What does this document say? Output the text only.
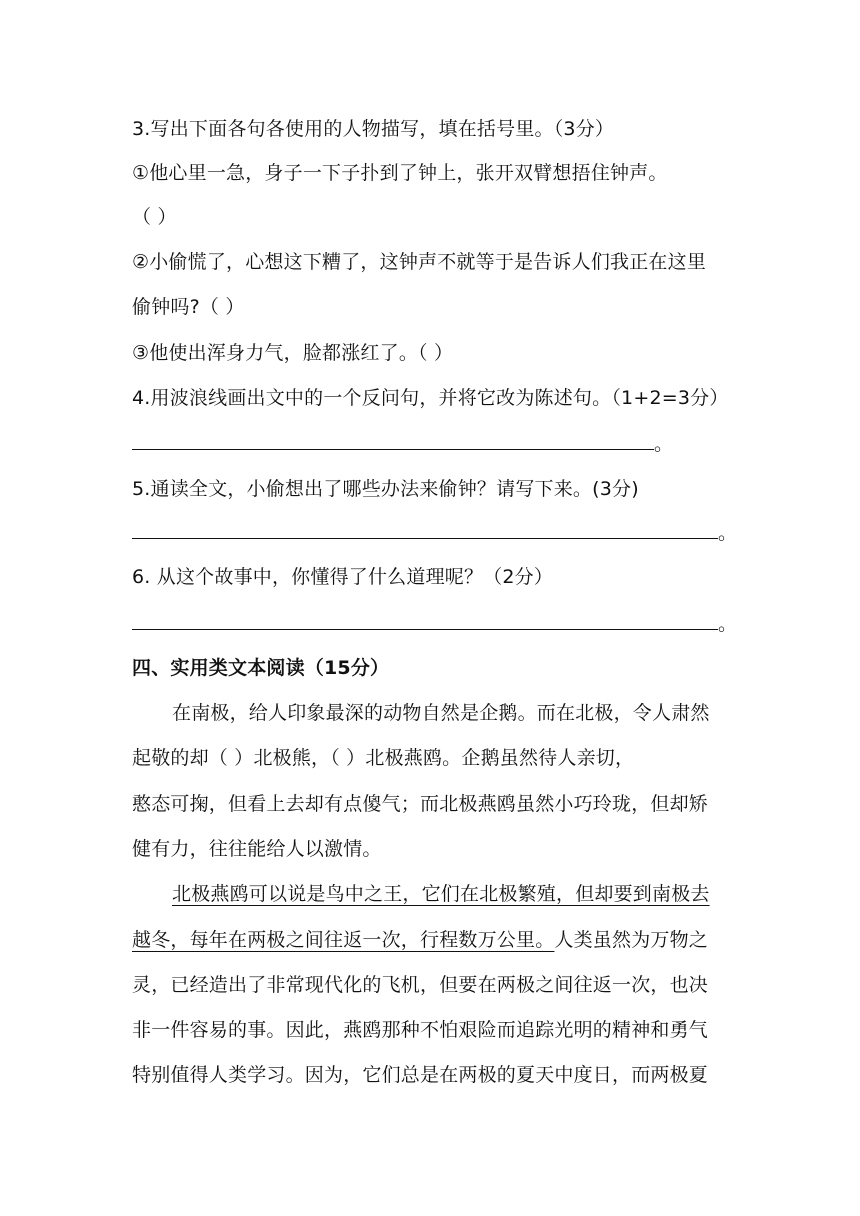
3.写出下面各句各使用的人物描写，填在括号里。（3分）
①他心里一急，身子一下子扑到了钟上，张开双臂想捂住钟声。
（ ）
②小偷慌了，心想这下糟了，这钟声不就等于是告诉人们我正在这里
偷钟吗?（ ）
③他使出浑身力气，脸都涨红了。（ ）
4.用波浪线画出文中的一个反问句，并将它改为陈述句。（1+2=3分）
。
5.通读全文，小偷想出了哪些办法来偷钟？请写下来。(3分)
。
6. 从这个故事中，你懂得了什么道理呢？（2分）
。
四、实用类文本阅读（15分）
在南极，给人印象最深的动物自然是企鹅。而在北极，令人肃然
起敬的却（ ）北极熊，（ ）北极燕鸥。企鹅虽然待人亲切，
憨态可掬，但看上去却有点傻气；而北极燕鸥虽然小巧玲珑，但却矫
健有力，往往能给人以激情。
北极燕鸥可以说是鸟中之王，它们在北极繁殖，但却要到南极去
越冬，每年在两极之间往返一次，行程数万公里。人类虽然为万物之
灵，已经造出了非常现代化的飞机，但要在两极之间往返一次，也决
非一件容易的事。因此，燕鸥那种不怕艰险而追踪光明的精神和勇气
特别值得人类学习。因为，它们总是在两极的夏天中度日，而两极夏
